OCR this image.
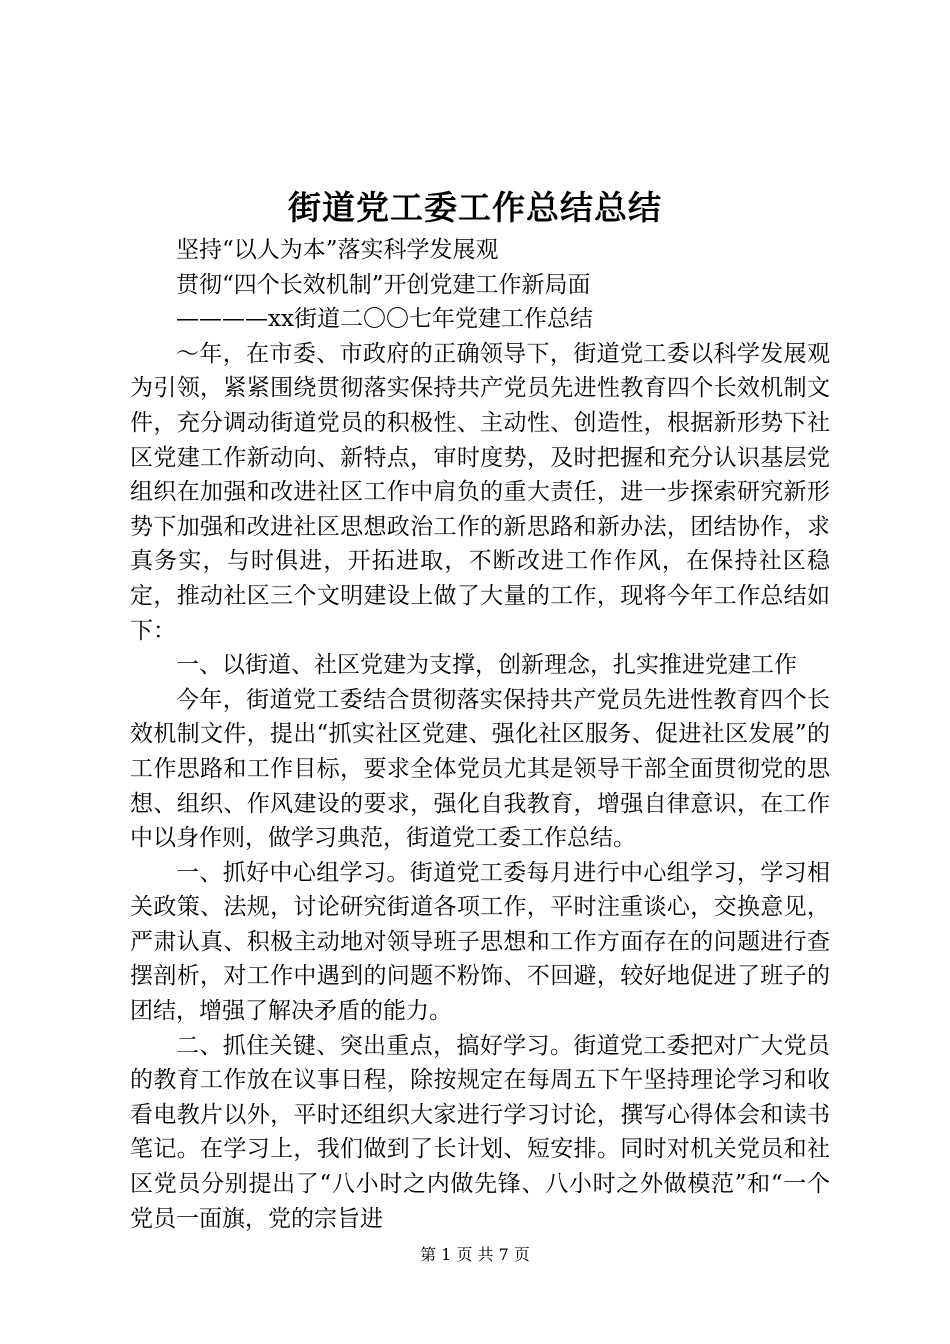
街道党工委工作总结总结

坚持“以人为本”落实科学发展观

贯彻“四个长效机制”开创党建工作新局面

————xx街道二〇〇七年党建工作总结

～年，在市委、市政府的正确领导下，街道党工委以科学发展观为引领，紧紧围绕贯彻落实保持共产党员先进性教育四个长效机制文件，充分调动街道党员的积极性、主动性、创造性，根据新形势下社区党建工作新动向、新特点，审时度势，及时把握和充分认识基层党组织在加强和改进社区工作中肩负的重大责任，进一步探索研究新形势下加强和改进社区思想政治工作的新思路和新办法，团结协作，求真务实，与时俱进，开拓进取，不断改进工作作风，在保持社区稳定，推动社区三个文明建设上做了大量的工作，现将今年工作总结如下：

一、以街道、社区党建为支撑，创新理念，扎实推进党建工作

今年，街道党工委结合贯彻落实保持共产党员先进性教育四个长效机制文件，提出“抓实社区党建、强化社区服务、促进社区发展”的工作思路和工作目标，要求全体党员尤其是领导干部全面贯彻党的思想、组织、作风建设的要求，强化自我教育，增强自律意识，在工作中以身作则，做学习典范，街道党工委工作总结。

一、抓好中心组学习。街道党工委每月进行中心组学习，学习相关政策、法规，讨论研究街道各项工作，平时注重谈心，交换意见，严肃认真、积极主动地对领导班子思想和工作方面存在的问题进行查摆剖析，对工作中遇到的问题不粉饰、不回避，较好地促进了班子的团结，增强了解决矛盾的能力。

二、抓住关键、突出重点，搞好学习。街道党工委把对广大党员的教育工作放在议事日程，除按规定在每周五下午坚持理论学习和收看电教片以外，平时还组织大家进行学习讨论，撰写心得体会和读书笔记。在学习上，我们做到了长计划、短安排。同时对机关党员和社区党员分别提出了“八小时之内做先锋、八小时之外做模范”和“一个党员一面旗，党的宗旨进

第 1 页 共 7 页
